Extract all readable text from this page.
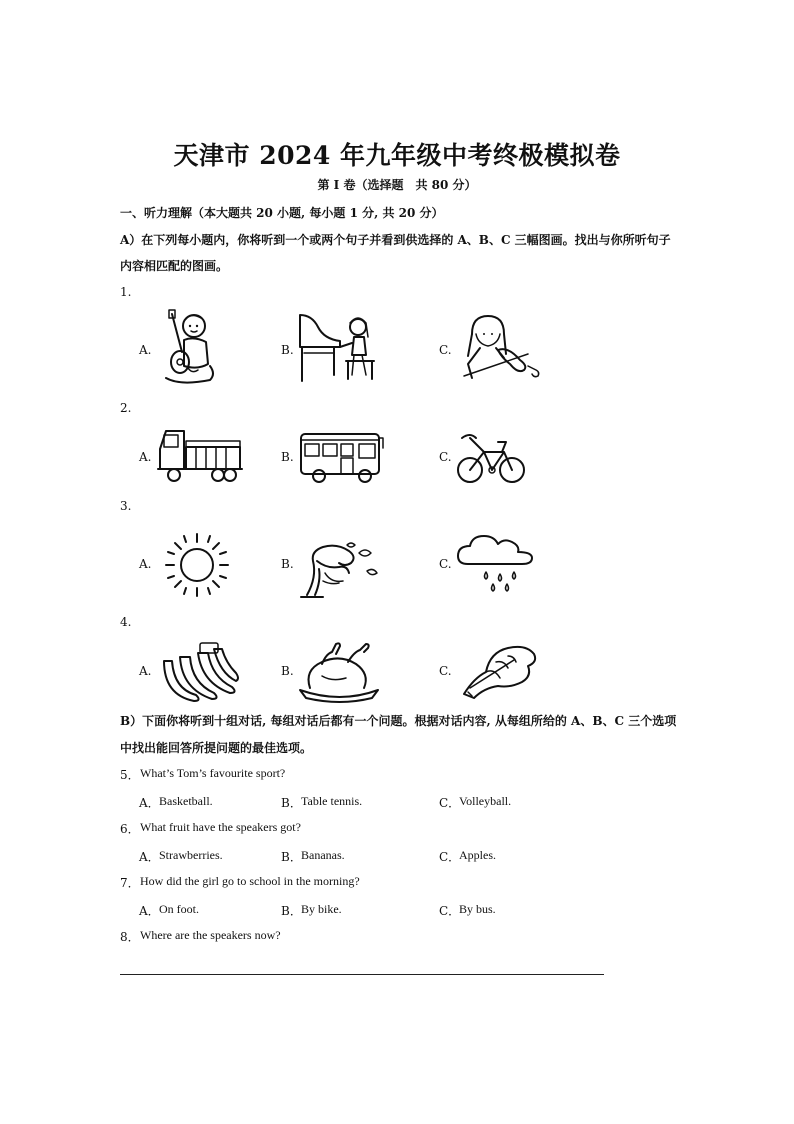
天津市 2024 年九年级中考终极模拟卷
第 I 卷（选择题　共 80 分）
一、听力理解（本大题共 20 小题, 每小题 1 分, 共 20 分）
A）在下列每小题内，你将听到一个或两个句子并看到供选择的 A、B、C 三幅图画。找出与你所听句子
内容相匹配的图画。
1.
A.	B.	C.
2.
A.	B.	C.
3.
A.	B.	C.
4.
A.	B.	C.
B）下面你将听到十组对话, 每组对话后都有一个问题。根据对话内容, 从每组所给的 A、B、C 三个选项
中找出能回答所提问题的最佳选项。
5． What’s Tom’s favourite sport?
A． Basketball.	B． Table tennis.	C．
Volleyball.
6． What fruit have the speakers got?
A． Strawberries.	B． Bananas.	C．
Apples.
7． How did the girl go to school in the morning?
A． On foot.	B． By bike.	C．
By bus.
8． Where are the speakers now?
